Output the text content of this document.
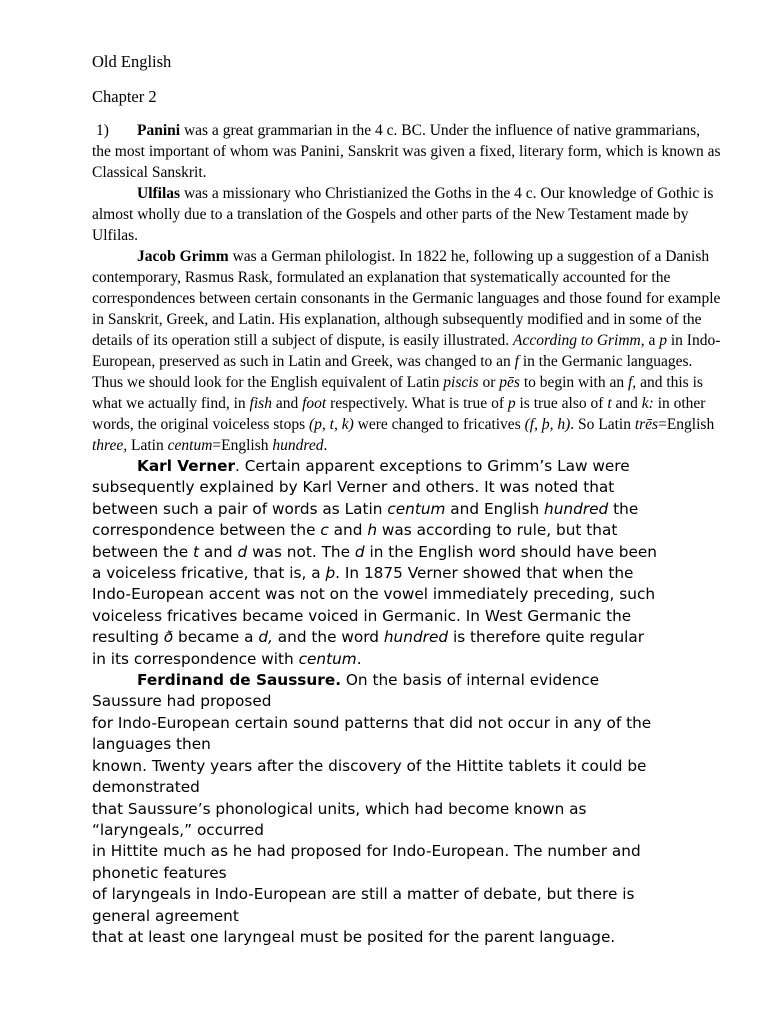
Old English
Chapter 2

1) Panini was a great grammarian in the 4 c. BC. Under the influence of native grammarians, the most important of whom was Panini, Sanskrit was given a fixed, literary form, which is known as Classical Sanskrit.

Ulfilas was a missionary who Christianized the Goths in the 4 c. Our knowledge of Gothic is almost wholly due to a translation of the Gospels and other parts of the New Testament made by Ulfilas.

Jacob Grimm was a German philologist. In 1822 he, following up a suggestion of a Danish contemporary, Rasmus Rask, formulated an explanation that systematically accounted for the correspondences between certain consonants in the Germanic languages and those found for example in Sanskrit, Greek, and Latin. His explanation, although subsequently modified and in some of the details of its operation still a subject of dispute, is easily illustrated. According to Grimm, a p in Indo-European, preserved as such in Latin and Greek, was changed to an f in the Germanic languages. Thus we should look for the English equivalent of Latin piscis or pēs to begin with an f, and this is what we actually find, in fish and foot respectively. What is true of p is true also of t and k: in other words, the original voiceless stops (p, t, k) were changed to fricatives (f, þ, h). So Latin trēs=English three, Latin centum=English hundred.

Karl Verner. Certain apparent exceptions to Grimm’s Law were
subsequently explained by Karl Verner and others. It was noted that
between such a pair of words as Latin centum and English hundred the
correspondence between the c and h was according to rule, but that
between the t and d was not. The d in the English word should have been
a voiceless fricative, that is, a þ. In 1875 Verner showed that when the
Indo-European accent was not on the vowel immediately preceding, such
voiceless fricatives became voiced in Germanic. In West Germanic the
resulting ð became a d, and the word hundred is therefore quite regular
in its correspondence with centum.

Ferdinand de Saussure. On the basis of internal evidence

Saussure had proposed
for Indo-European certain sound patterns that did not occur in any of the
languages then
known. Twenty years after the discovery of the Hittite tablets it could be
demonstrated
that Saussure’s phonological units, which had become known as
“laryngeals,” occurred
in Hittite much as he had proposed for Indo-European. The number and
phonetic features
of laryngeals in Indo-European are still a matter of debate, but there is
general agreement
that at least one laryngeal must be posited for the parent language.
